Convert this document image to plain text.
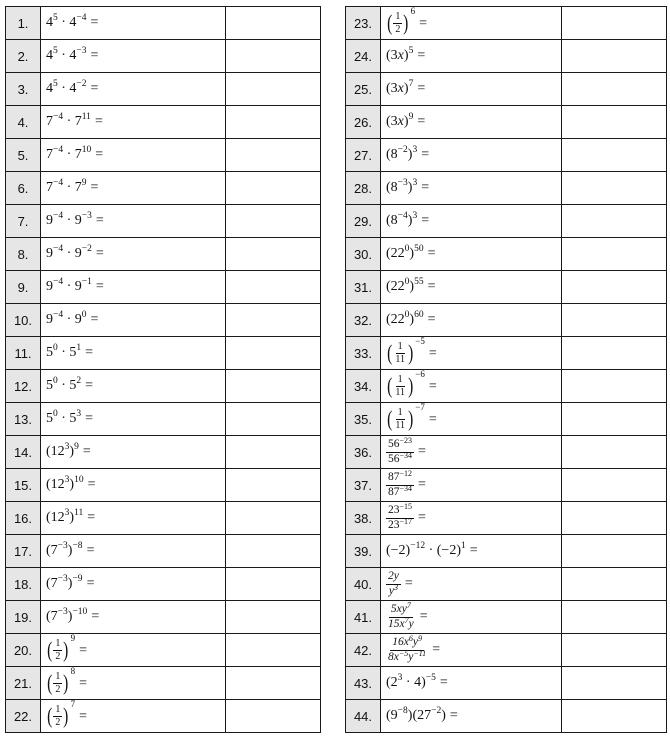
1.	$4^5 \cdot 4^{-4}$ =	
2.	$4^5 \cdot 4^{-3}$ =	
3.	$4^5 \cdot 4^{-2}$ =	
4.	$7^{-4} \cdot 7^{11}$ =	
5.	$7^{-4} \cdot 7^{10}$ =	
6.	$7^{-4} \cdot 7^9$ =	
7.	$9^{-4} \cdot 9^{-3}$ =	
8.	$9^{-4} \cdot 9^{-2}$ =	
9.	$9^{-4} \cdot 9^{-1}$ =	
10.	$9^{-4} \cdot 9^0$ =	
11.	$5^0 \cdot 5^1$ =	
12.	$5^0 \cdot 5^2$ =	
13.	$5^0 \cdot 5^3$ =	
14.	$(12^3)^9$ =	
15.	$(12^3)^{10}$ =	
16.	$(12^3)^{11}$ =	
17.	$(7^{-3})^{-8}$ =	
18.	$(7^{-3})^{-9}$ =	
19.	$(7^{-3})^{-10}$ =	
20.	( $\frac{1}{2}$ ) $^9$=	
21.	( $\frac{1}{2}$ ) $^8$=	
22.	( $\frac{1}{2}$ ) $^7$=	
23.	( $\frac{1}{2}$ ) $^6$=	
24.	$(3x)^5$ =	
25.	$(3x)^7$ =	
26.	$(3x)^9$ =	
27.	$(8^{-2})^3$ =	
28.	$(8^{-3})^3$ =	
29.	$(8^{-4})^3$ =	
30.	$(22^0)^{50}$ =	
31.	$(22^0)^{55}$ =	
32.	$(22^0)^{60}$ =	
33.	( $\frac{1}{11}$ ) $^{-5}$=	
34.	( $\frac{1}{11}$ ) $^{-6}$=	
35.	( $\frac{1}{11}$ ) $^{-7}$=	
36.	$\frac{56^{-23}}{56^{-34}}$ =	
37.	$\frac{87^{-12}}{87^{-34}}$ =	
38.	$\frac{23^{-15}}{23^{-17}}$ =	
39.	$(-2)^{-12} \cdot (-2)^1$ =	
40.	$\frac{2y}{y^3}$ =	
41.	$\frac{5xy^7}{15x^7y}$ =	
42.	$\frac{16x^6y^9}{8x^{-5}y^{-11}}$ =	
43.	$(2^3 \cdot 4)^{-5}$ =	
44.	$(9^{-8})(27^{-2})$ =	
